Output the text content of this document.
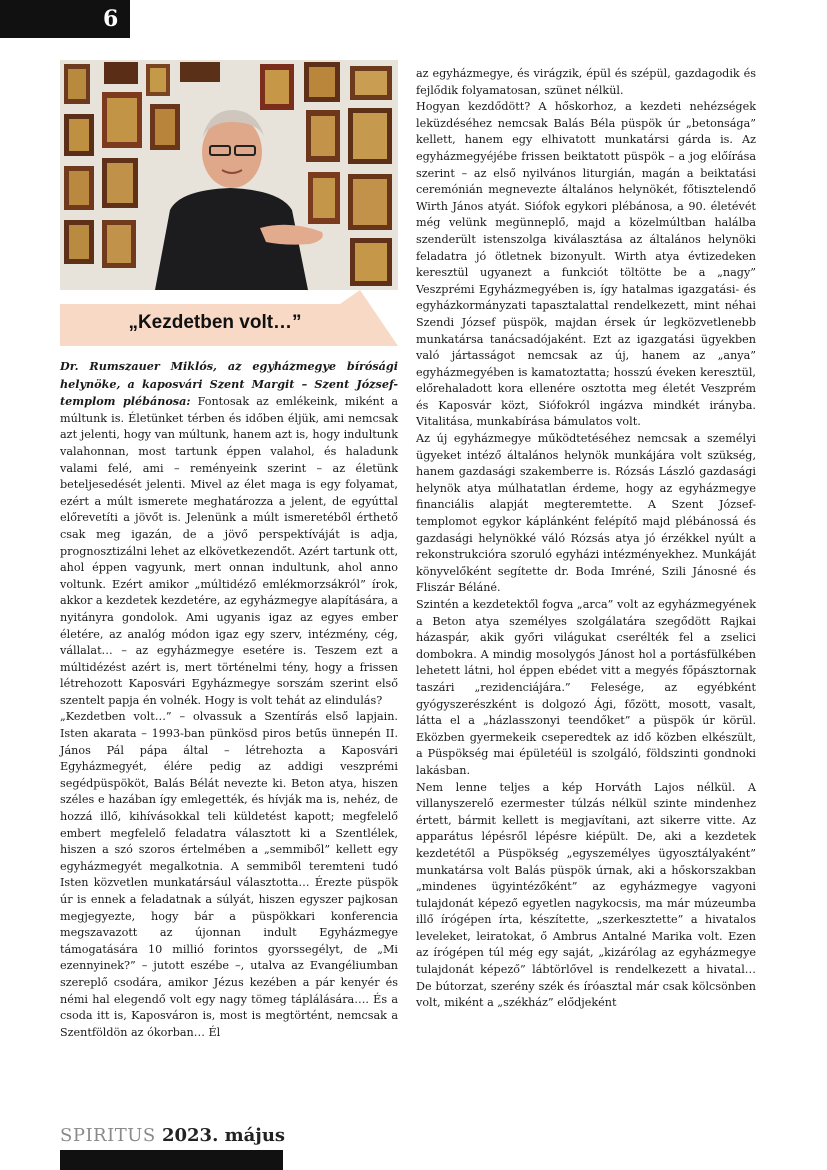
6
„Kezdetben volt…”

Dr. Rumszauer Miklós, az egyházmegye bírósági helynöke, a kaposvári Szent Margit – Szent József-templom plébánosa: Fontosak az emlékeink, miként a múltunk is. Életünket térben és időben éljük, ami nemcsak azt jelenti, hogy van múltunk, hanem azt is, hogy indultunk valahonnan, most tartunk éppen valahol, és haladunk valami felé, ami – reményeink szerint – az életünk beteljesedését jelenti. Mivel az élet maga is egy folyamat, ezért a múlt ismerete meghatározza a jelent, de egyúttal előrevetíti a jövőt is. Jelenünk a múlt ismeretéből érthető csak meg igazán, de a jövő perspektíváját is adja, prognosztizálni lehet az elkövetkezendőt. Azért tartunk ott, ahol éppen vagyunk, mert onnan indultunk, ahol anno voltunk. Ezért amikor „múltidéző emlékmorzsákról” írok, akkor a kezdetek kezdetére, az egyházmegye alapítására, a nyitányra gondolok. Ami ugyanis igaz az egyes ember életére, az analóg módon igaz egy szerv, intézmény, cég, vállalat… – az egyházmegye esetére is. Teszem ezt a múltidézést azért is, mert történelmi tény, hogy a frissen létrehozott Kaposvári Egyházmegye sorszám szerint első szentelt papja én volnék. Hogy is volt tehát az elindulás?

„Kezdetben volt…” – olvassuk a Szentírás első lapjain. Isten akarata – 1993-ban pünkösd piros betűs ünnepén II. János Pál pápa által – létrehozta a Kaposvári Egyházmegyét, élére pedig az addigi veszprémi segédpüspököt, Balás Bélát nevezte ki. Beton atya, hiszen széles e hazában így emlegették, és hívják ma is, nehéz, de hozzá illő, kihívásokkal teli küldetést kapott; megfelelő embert megfelelő feladatra választott ki a Szentlélek, hiszen a szó szoros értelmében a „semmiből” kellett egy egyházmegyét megalkotnia. A semmiből teremteni tudó Isten közvetlen munkatársául választotta… Érezte püspök úr is ennek a feladatnak a súlyát, hiszen egyszer pajkosan megjegyezte, hogy bár a püspökkari konferencia megszavazott az újonnan indult Egyházmegye támogatására 10 millió forintos gyorssegélyt, de „Mi ezennyinek?” – jutott eszébe –, utalva az Evangéliumban szereplő csodára, amikor Jézus kezében a pár kenyér és némi hal elegendő volt egy nagy tömeg táplálására…. És a csoda itt is, Kaposváron is, most is megtörtént, nemcsak a Szentföldön az ókorban… Él

az egyházmegye, és virágzik, épül és szépül, gazdagodik és fejlődik folyamatosan, szünet nélkül.

Hogyan kezdődött? A hőskorhoz, a kezdeti nehézségek leküzdéséhez nemcsak Balás Béla püspök úr „betonsága” kellett, hanem egy elhivatott munkatársi gárda is. Az egyházmegyéjébe frissen beiktatott püspök – a jog előírása szerint – az első nyilvános liturgián, magán a beiktatási ceremónián megnevezte általános helynökét, főtisztelendő Wirth János atyát. Siófok egykori plébánosa, a 90. életévét még velünk megünneplő, majd a közelmúltban halálba szenderült istenszolga kiválasztása az általános helynöki feladatra jó ötletnek bizonyult. Wirth atya évtizedeken keresztül ugyanezt a funkciót töltötte be a „nagy” Veszprémi Egyházmegyében is, így hatalmas igazgatási- és egyházkormányzati tapasztalattal rendelkezett, mint néhai Szendi József püspök, majdan érsek úr legközvetlenebb munkatársa tanácsadójaként. Ezt az igazgatási ügyekben való jártasságot nemcsak az új, hanem az „anya” egyházmegyében is kamatoztatta; hosszú éveken keresztül, előrehaladott kora ellenére osztotta meg életét Veszprém és Kaposvár közt, Siófokról ingázva mindkét irányba. Vitalitása, munkabírása bámulatos volt.

Az új egyházmegye működtetéséhez nemcsak a személyi ügyeket intéző általános helynök munkájára volt szükség, hanem gazdasági szakemberre is. Rózsás László gazdasági helynök atya múlhatatlan érdeme, hogy az egyházmegye financiális alapját megteremtette. A Szent József-templomot egykor káplánként felépítő majd plébánossá és gazdasági helynökké váló Rózsás atya jó érzékkel nyúlt a rekonstrukcióra szoruló egyházi intézményekhez. Munkáját könyvelőként segítette dr. Boda Imréné, Szili Jánosné és Fliszár Béláné.

Szintén a kezdetektől fogva „arca” volt az egyházmegyének a Beton atya személyes szolgálatára szegődött Rajkai házaspár, akik győri világukat cserélték fel a zselici dombokra. A mindig mosolygós Jánost hol a portásfülkében lehetett látni, hol éppen ebédet vitt a megyés főpásztornak taszári „rezidenciájára.” Felesége, az egyébként gyógyszerészként is dolgozó Ági, főzött, mosott, vasalt, látta el a „házlasszonyi teendőket” a püspök úr körül. Eközben gyermekeik cseperedtek az idő közben elkészült, a Püspökség mai épületéül is szolgáló, földszinti gondnoki lakásban.

Nem lenne teljes a kép Horváth Lajos nélkül. A villanyszerelő ezermester túlzás nélkül szinte mindenhez értett, bármit kellett is megjavítani, azt sikerre vitte. Az apparátus lépésről lépésre kiépült. De, aki a kezdetek kezdetétől a Püspökség „egyszemélyes ügyosztályaként” munkatársa volt Balás püspök úrnak, aki a hőskorszakban „mindenes ügyintézőként” az egyházmegye vagyoni tulajdonát képező egyetlen nagykocsis, ma már múzeumba illő írógépen írta, készítette, „szerkesztette” a hivatalos leveleket, leiratokat, ő Ambrus Antalné Marika volt. Ezen az írógépen túl még egy saját, „kizárólag az egyházmegye tulajdonát képező” lábtörlővel is rendelkezett a hivatal… De bútorzat, szerény szék és íróasztal már csak kölcsönben volt, miként a „székház” elődjeként

SPIRITUS 2023. május
